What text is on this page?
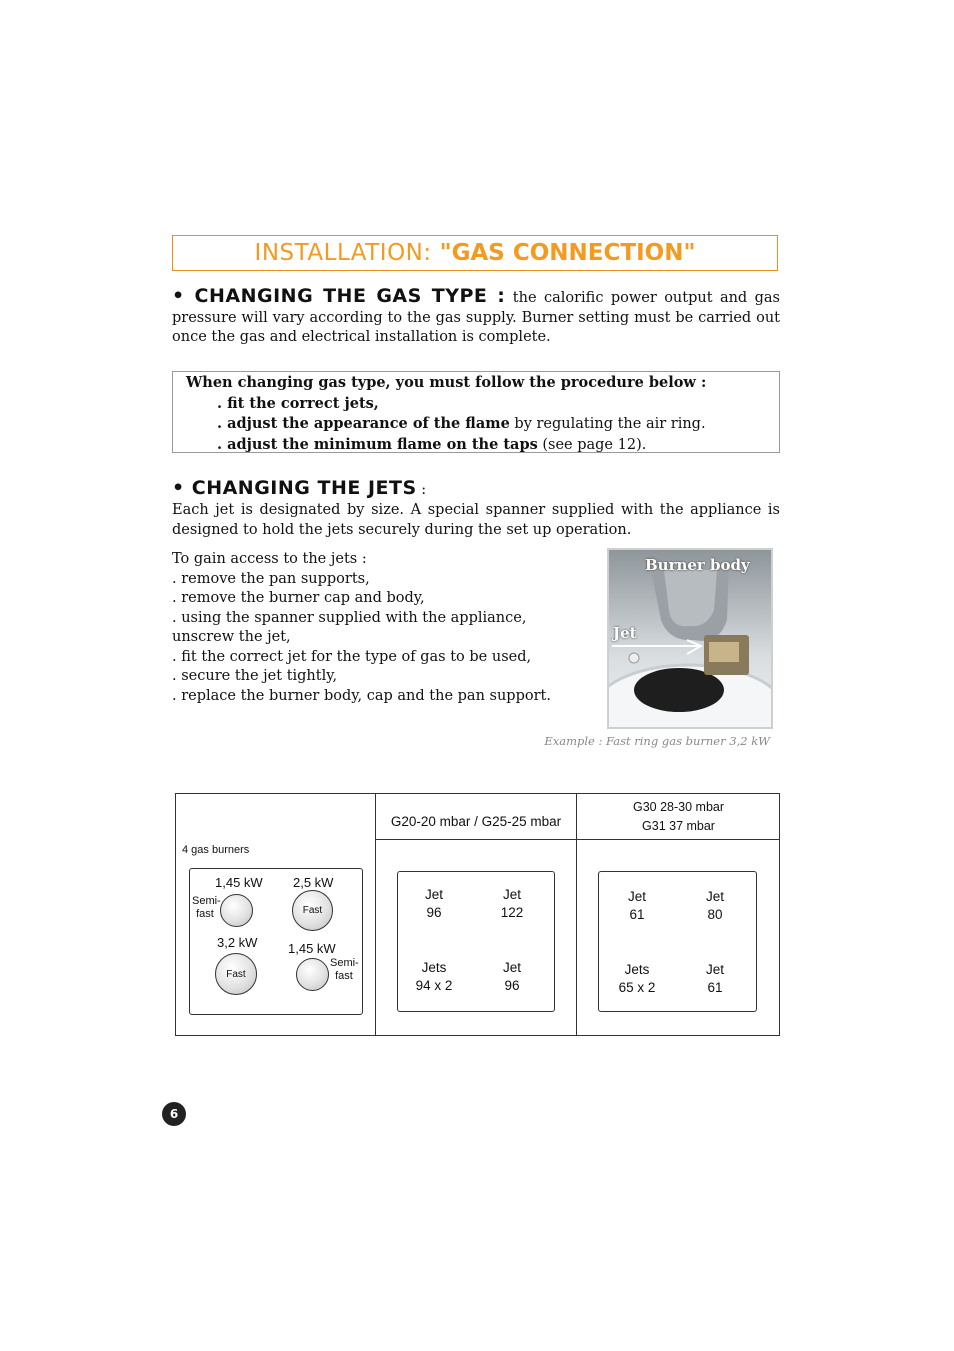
INSTALLATION: "GAS CONNECTION"
• CHANGING THE GAS TYPE : the calorific power output and gas pressure will vary according to the gas supply. Burner setting must be carried out once the gas and electrical installation is complete.
When changing gas type, you must follow the procedure below :
. fit the correct jets,
. adjust the appearance of the flame by regulating the air ring.
. adjust the minimum flame on the taps (see page 12).
• CHANGING THE JETS :
Each jet is designated by size. A special spanner supplied with the appliance is designed to hold the jets securely during the set up operation.
To gain access to the jets :
. remove the pan supports,
. remove the burner cap and body,
. using the spanner supplied with the appliance, unscrew the jet,
. fit the correct jet for the type of gas to be used,
. secure the jet tightly,
. replace the burner body, cap and the pan support.
Burner body
Jet
Example : Fast ring gas burner 3,2 kW
G20-20 mbar / G25-25 mbar
G30 28-30 mbar
G31 37 mbar
4 gas burners
1,45 kW
Semi-fast
2,5 kW
Fast
3,2 kW
Fast
1,45 kW
Semi-fast
Jet
96
Jet
122
Jets
94 x 2
Jet
96
Jet
61
Jet
80
Jets
65 x 2
Jet
61
6
